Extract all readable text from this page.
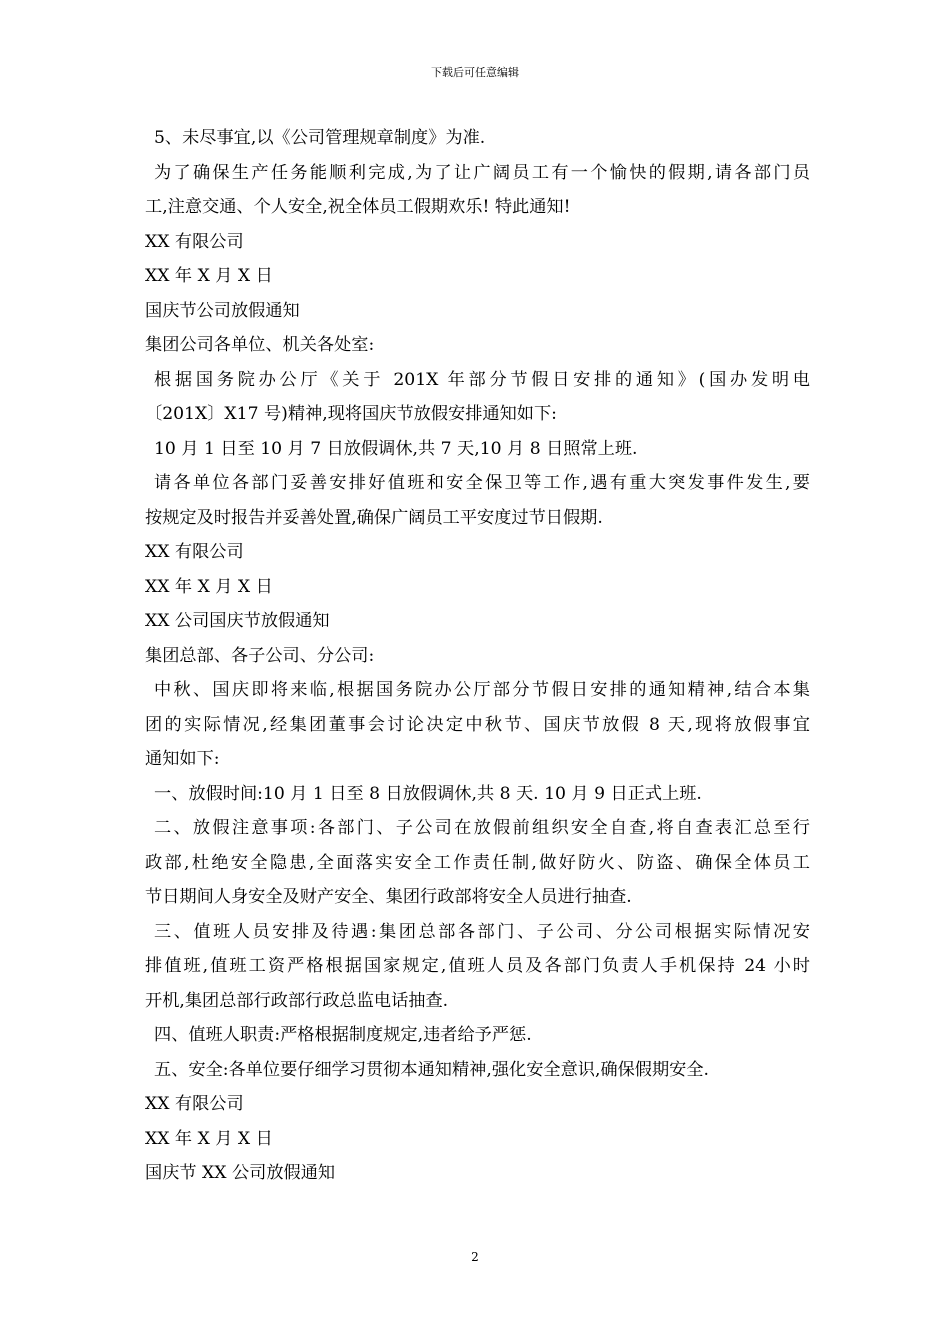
下载后可任意编辑
5、未尽事宜,以《公司管理规章制度》为准.
为了确保生产任务能顺利完成,为了让广阔员工有一个愉快的假期,请各部门员
工,注意交通、个人安全,祝全体员工假期欢乐! 特此通知!
XX 有限公司
XX 年 X 月 X 日
国庆节公司放假通知
集团公司各单位、机关各处室:
根据国务院办公厅《关于 201X 年部分节假日安排的通知》(国办发明电
〔201X〕X17 号)精神,现将国庆节放假安排通知如下:
10 月 1 日至 10 月 7 日放假调休,共 7 天,10 月 8 日照常上班.
请各单位各部门妥善安排好值班和安全保卫等工作,遇有重大突发事件发生,要
按规定及时报告并妥善处置,确保广阔员工平安度过节日假期.
XX 有限公司
XX 年 X 月 X 日
XX 公司国庆节放假通知
集团总部、各子公司、分公司:
中秋、国庆即将来临,根据国务院办公厅部分节假日安排的通知精神,结合本集
团的实际情况,经集团董事会讨论决定中秋节、国庆节放假 8 天,现将放假事宜
通知如下:
一、放假时间:10 月 1 日至 8 日放假调休,共 8 天. 10 月 9 日正式上班.
二、放假注意事项:各部门、子公司在放假前组织安全自查,将自查表汇总至行
政部,杜绝安全隐患,全面落实安全工作责任制,做好防火、防盗、确保全体员工
节日期间人身安全及财产安全、集团行政部将安全人员进行抽查.
三、值班人员安排及待遇:集团总部各部门、子公司、分公司根据实际情况安
排值班,值班工资严格根据国家规定,值班人员及各部门负责人手机保持 24 小时
开机,集团总部行政部行政总监电话抽查.
四、值班人职责:严格根据制度规定,违者给予严惩.
五、安全:各单位要仔细学习贯彻本通知精神,强化安全意识,确保假期安全.
XX 有限公司
XX 年 X 月 X 日
国庆节 XX 公司放假通知
2
